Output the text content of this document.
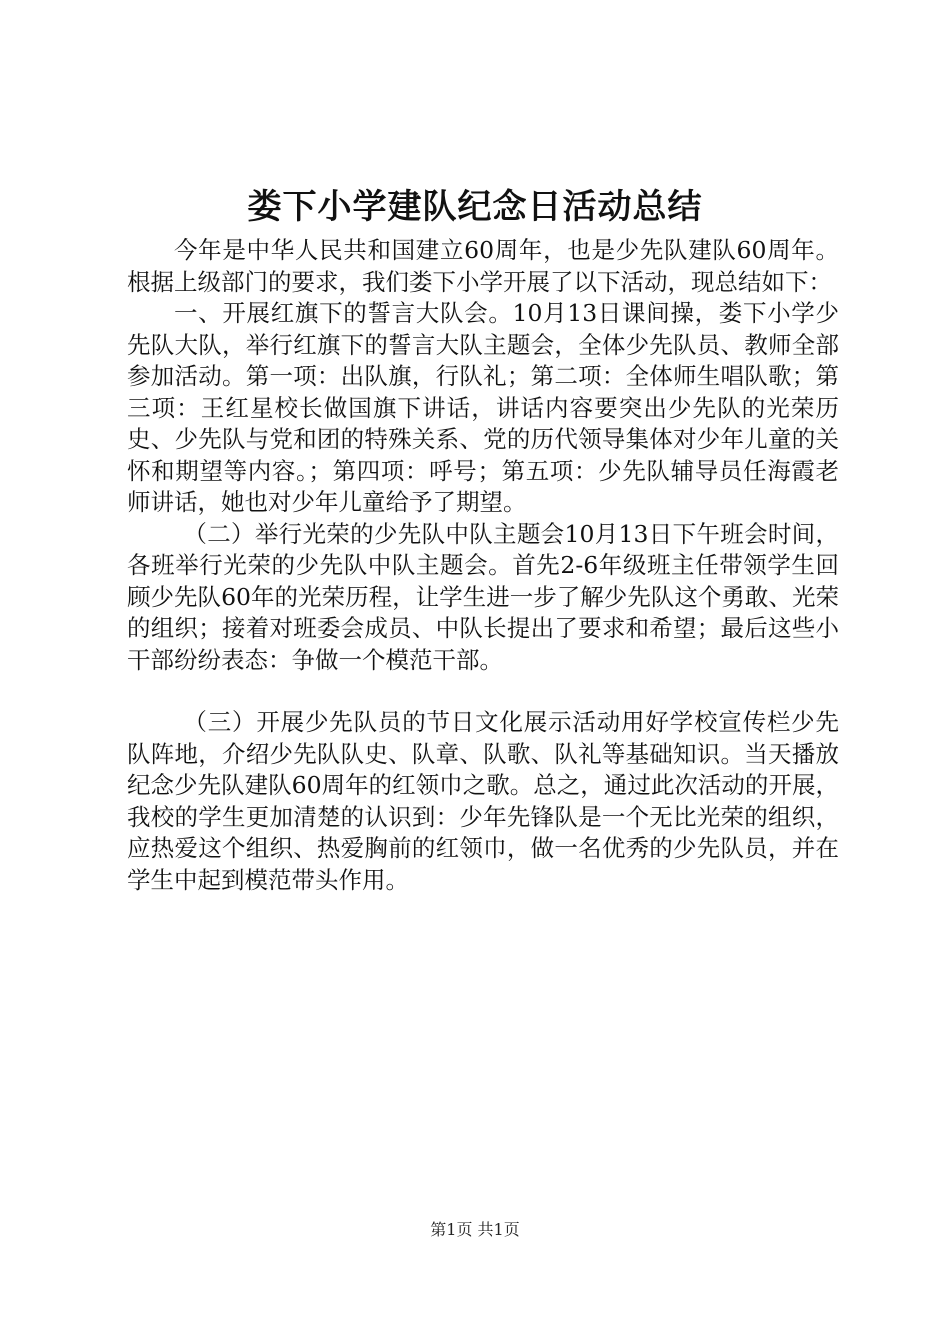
娄下小学建队纪念日活动总结

今年是中华人民共和国建立60周年，也是少先队建队60周年。根据上级部门的要求，我们娄下小学开展了以下活动，现总结如下：

一、开展红旗下的誓言大队会。10月13日课间操，娄下小学少先队大队，举行红旗下的誓言大队主题会，全体少先队员、教师全部参加活动。第一项：出队旗，行队礼；第二项：全体师生唱队歌；第三项：王红星校长做国旗下讲话，讲话内容要突出少先队的光荣历史、少先队与党和团的特殊关系、党的历代领导集体对少年儿童的关怀和期望等内容。；第四项：呼号；第五项：少先队辅导员任海霞老师讲话，她也对少年儿童给予了期望。

（二）举行光荣的少先队中队主题会10月13日下午班会时间，各班举行光荣的少先队中队主题会。首先2-6年级班主任带领学生回顾少先队60年的光荣历程，让学生进一步了解少先队这个勇敢、光荣的组织；接着对班委会成员、中队长提出了要求和希望；最后这些小干部纷纷表态：争做一个模范干部。

（三）开展少先队员的节日文化展示活动用好学校宣传栏少先队阵地，介绍少先队队史、队章、队歌、队礼等基础知识。当天播放纪念少先队建队60周年的红领巾之歌。总之，通过此次活动的开展，我校的学生更加清楚的认识到：少年先锋队是一个无比光荣的组织，应热爱这个组织、热爱胸前的红领巾，做一名优秀的少先队员，并在学生中起到模范带头作用。

第1页 共1页
